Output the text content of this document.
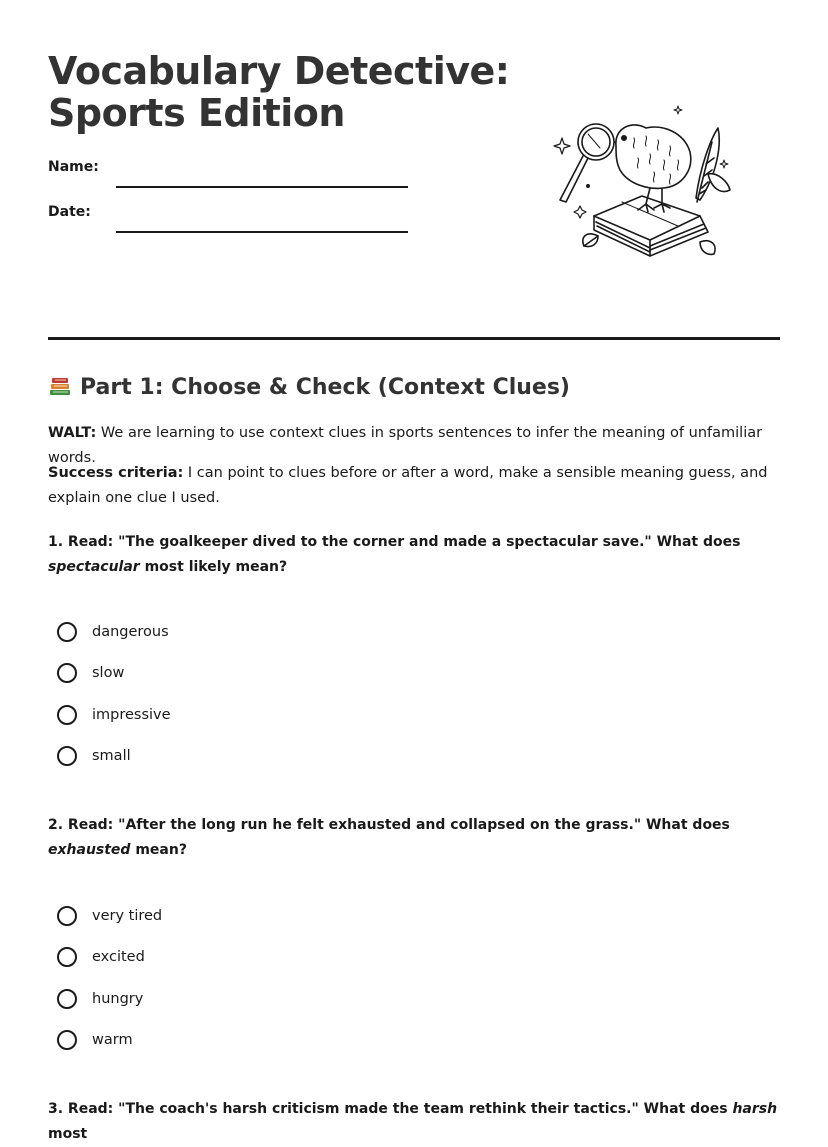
Vocabulary Detective:
Sports Edition
Name:
Date:
Part 1: Choose & Check (Context Clues)

WALT: We are learning to use context clues in sports sentences to infer the meaning of unfamiliar words.

Success criteria: I can point to clues before or after a word, make a sensible meaning guess, and explain one clue I used.

1. Read: "The goalkeeper dived to the corner and made a spectacular save." What does spectacular most likely mean?

dangerous
slow
impressive
small

2. Read: "After the long run he felt exhausted and collapsed on the grass." What does exhausted mean?

very tired
excited
hungry
warm

3. Read: "The coach's harsh criticism made the team rethink their tactics." What does harsh most
